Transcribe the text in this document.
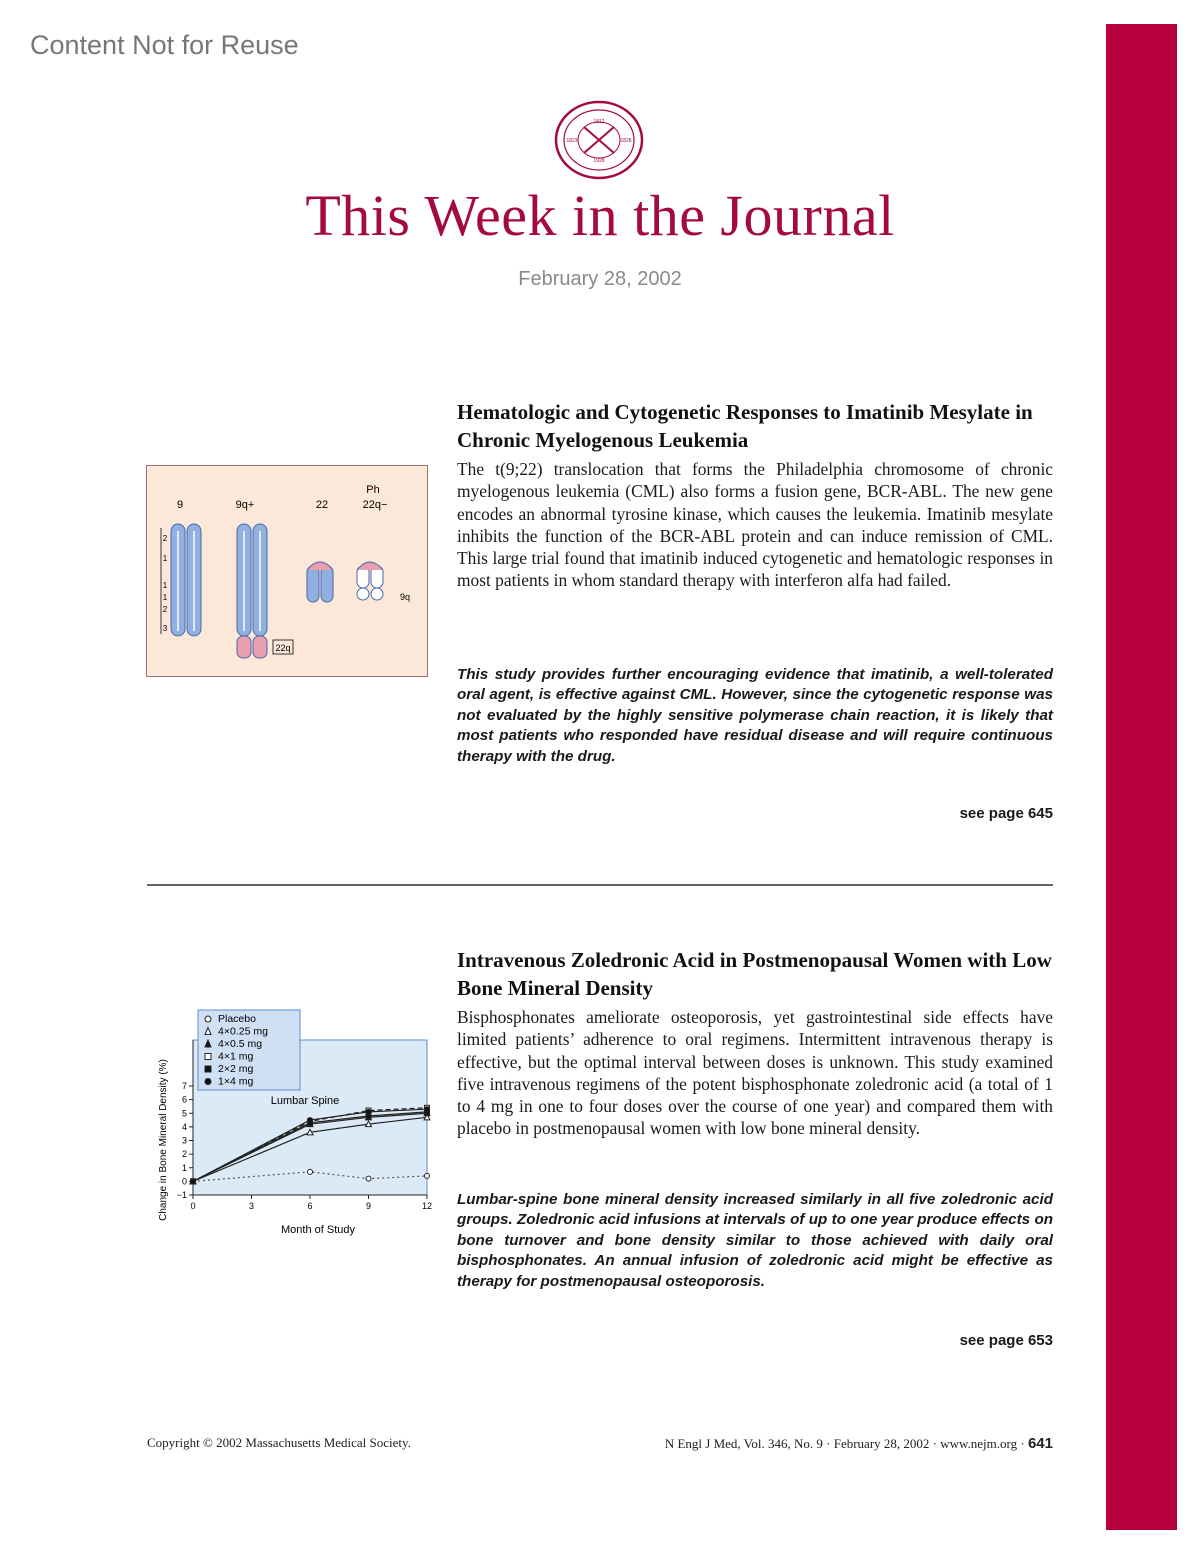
Content Not for Reuse
1812
1823	1828
1928
This Week in the Journal
February 28, 2002
Hematologic and Cytogenetic Responses to Imatinib Mesylate in Chronic Myelogenous Leukemia
The t(9;22) translocation that forms the Philadelphia chromosome of chronic myelogenous leukemia (CML) also forms a fusion gene, BCR-ABL. The new gene encodes an abnormal tyrosine kinase, which causes the leukemia. Imatinib mesylate inhibits the function of the BCR-ABL protein and can induce remission of CML. This large trial found that imatinib induced cytogenetic and hematologic responses in most patients in whom standard therapy with interferon alfa had failed.
This study provides further encouraging evidence that imatinib, a well-tolerated oral agent, is effective against CML. However, since the cytogenetic response was not evaluated by the highly sensitive polymerase chain reaction, it is likely that most patients who responded have residual disease and will require continuous therapy with the drug.
see page 645
9	9q+	22
Ph
22q−
22q
2
1
1
1
2
3
9q
Intravenous Zoledronic Acid in Postmenopausal Women with Low Bone Mineral Density
Bisphosphonates ameliorate osteoporosis, yet gastrointestinal side effects have limited patients’ adherence to oral regimens. Intermittent intravenous therapy is effective, but the optimal interval between doses is unknown. This study examined five intravenous regimens of the potent bisphosphonate zoledronic acid (a total of 1 to 4 mg in one to four doses over the course of one year) and compared them with placebo in postmenopausal women with low bone mineral density.
Lumbar-spine bone mineral density increased similarly in all five zoledronic acid groups. Zoledronic acid infusions at intervals of up to one year produce effects on bone turnover and bone density similar to those achieved with daily oral bisphosphonates. An annual infusion of zoledronic acid might be effective as therapy for postmenopausal osteoporosis.
see page 653
−1
0
1
2
3
4
5
6
7
0	3	6	9	12
Month of Study
Change in Bone Mineral Density (%)	Lumbar Spine
Placebo
4×0.25 mg
4×0.5 mg
4×1 mg
2×2 mg
1×4 mg
Copyright © 2002 Massachusetts Medical Society.	N Engl J Med, Vol. 346, No. 9 · February 28, 2002 · www.nejm.org · 641
